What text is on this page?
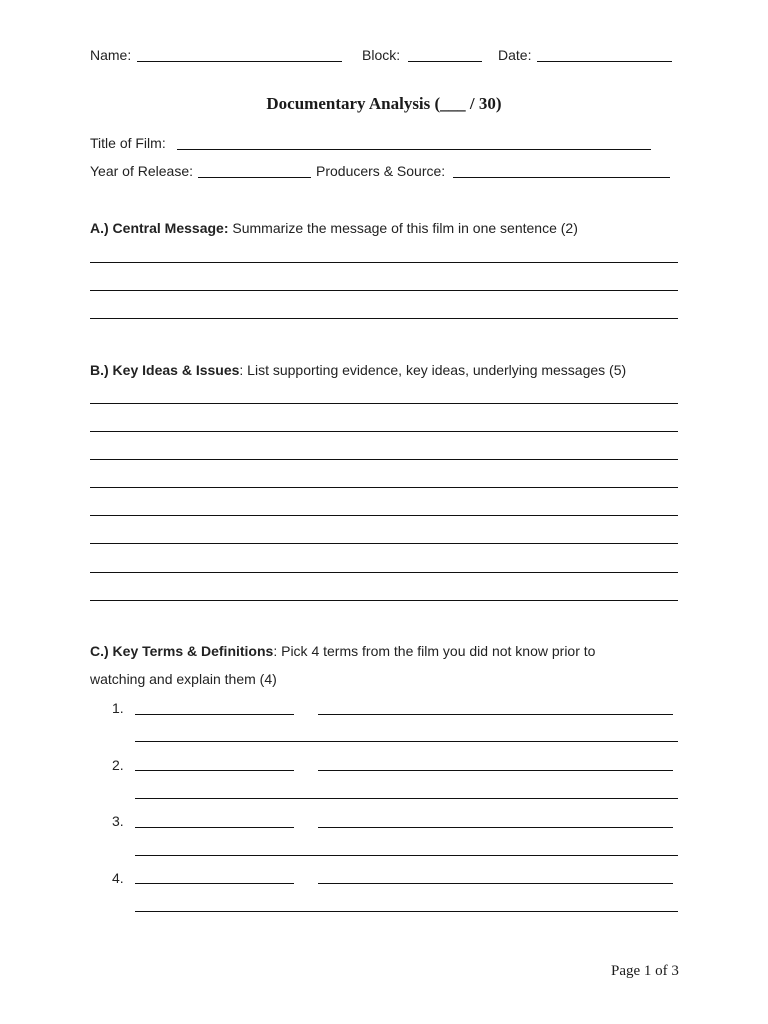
Name:	Block:	Date:
Documentary Analysis (___ / 30)
Title of Film:
Year of Release:	Producers & Source:
A.) Central Message: Summarize the message of this film in one sentence (2)
B.) Key Ideas & Issues: List supporting evidence, key ideas, underlying messages (5)
C.) Key Terms & Definitions: Pick 4 terms from the film you did not know prior to
watching and explain them (4)
1.
2.
3.
4.
Page 1 of 3
